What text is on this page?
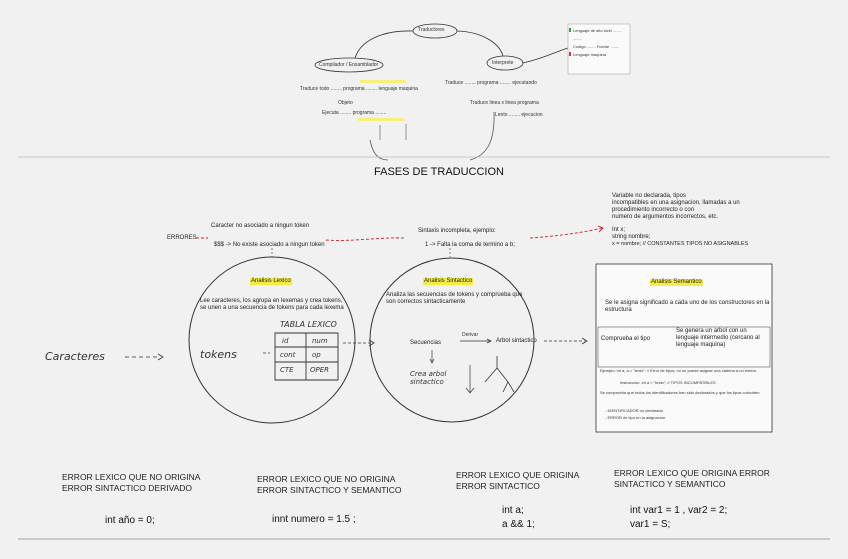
Traductores
Compilador / Ensamblador	Interprete
Traduce todo ........ programa ........ lenguaje maquina
Objeto
Ejecuta ........ programa ........
Traduce ........ programa ........ ejecutando
Traduce linea x linea programa
Lento ........ ejecucion
Lenguaje de alto nivel ........
........
Codigo ........ Fuente ........
Lenguaje maquina
FASES DE TRADUCCION
ERRORES
Caracter no asociado a ningun token
$$$ -> No existe asociado a ningun token
Analisis Lexico
Lee caracteres, los agrupa en lexemas y crea tokens, se unen a una secuencia de tokens para cada lexema
Caracteres	tokens
TABLA LEXICO
id	num
cont op
CTE OPER
Sintaxis incompleta, ejemplo:
1 -> Falta la coma de termino a b;
Analisis Sintactico
Analiza las secuencias de tokens y comprueba que son correctos sintacticamente
Arbol sintactico
Secuencias
Derivar
Crea arbol sintactico
Variable no declarada, tipos
incompatibles en una asignacion, llamadas a un
procedimiento incorrecto o con
numero de argumentos incorrectos, etc.
Int x;
string nombre;
x = nombre; // CONSTANTES TIPOS NO ASIGNABLES
Analisis Semantico
Se le asigna significado a cada uno de los constructores en la estructura
Comprueba el tipo
Se genera un arbol con un lenguaje intermedio (cercano al lenguaje maquina)
Ejemplo: int a; a = "texto"; // Error de tipos, no se puede asignar una cadena a un entero
Instruccion: int a = "texto"; // TIPOS INCOMPATIBLES
Se comprueba que todos los identificadores han sido declarados y que los tipos coinciden
- IDENTIFICADOR no declarado
- ERROR de tipo en la asignacion
ERROR LEXICO QUE NO ORIGINA ERROR SINTACTICO DERIVADO
int año = 0;
ERROR LEXICO QUE NO ORIGINA ERROR SINTACTICO Y SEMANTICO
innt numero = 1.5 ;
ERROR LEXICO QUE ORIGINA ERROR SINTACTICO
int a;
a && 1;
ERROR LEXICO QUE ORIGINA ERROR SINTACTICO Y SEMANTICO
int var1 = 1 , var2 = 2;
var1 = S;
